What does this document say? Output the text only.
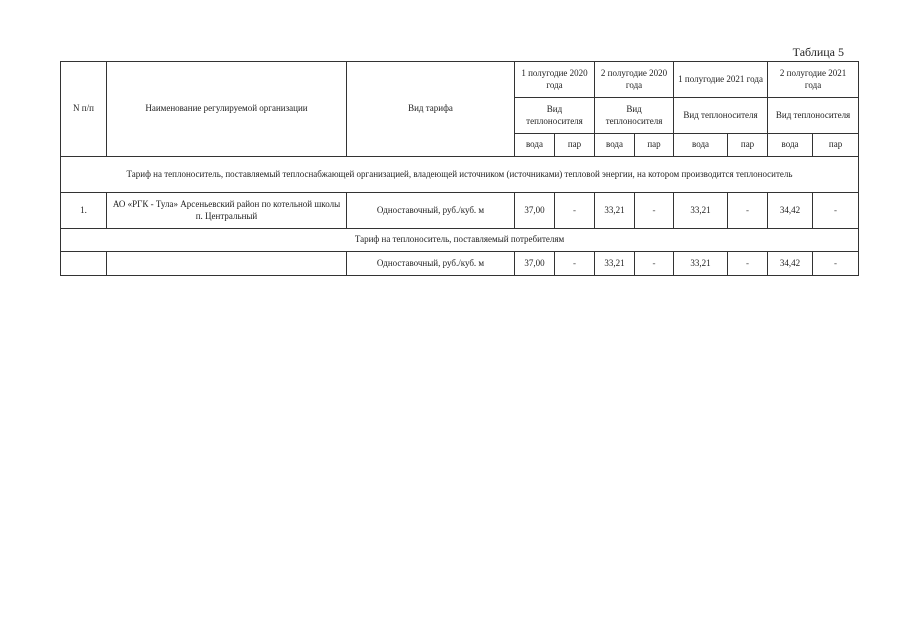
Таблица 5
N п/п	Наименование регулируемой организации	Вид тарифа	1 полугодие 2020 года		2 полугодие 2020 года		1 полугодие 2021 года		2 полугодие 2021 года	
			Вид теплоносителя		Вид теплоносителя		Вид теплоносителя		Вид теплоносителя	
			вода	пар	вода	пар	вода	пар	вода	пар
Тариф на теплоноситель, поставляемый теплоснабжающей организацией, владеющей источником (источниками) тепловой энергии, на котором производится теплоноситель										
1.	АО «РГК - Тула» Арсеньевский район по котельной школы п. Центральный	Одноставочный, руб./куб. м	37,00	-	33,21	-	33,21	-	34,42	-
Тариф на теплоноситель, поставляемый потребителям										
		Одноставочный, руб./куб. м	37,00	-	33,21	-	33,21	-	34,42	-
